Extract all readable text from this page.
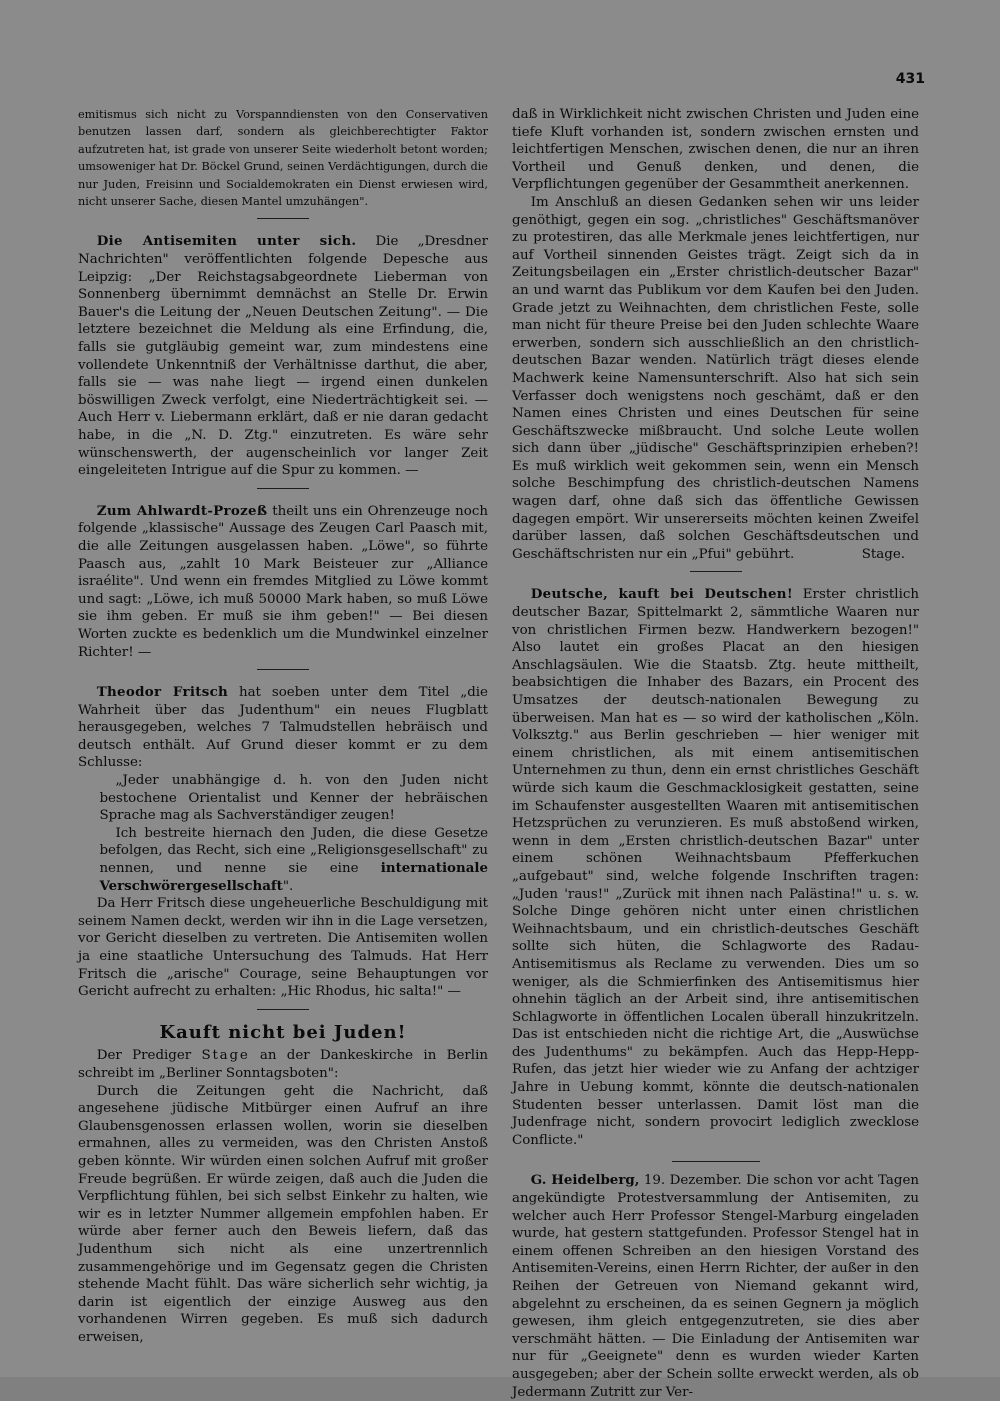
431

emitismus sich nicht zu Vorspanndiensten von den Conservativen benutzen lassen darf, sondern als gleichberechtigter Faktor aufzutreten hat, ist grade von unserer Seite wiederholt betont worden; umsoweniger hat Dr. Böckel Grund, seinen Verdächtigungen, durch die nur Juden, Freisinn und Socialdemokraten ein Dienst erwiesen wird, nicht unserer Sache, diesen Mantel umzuhängen".

Die Antisemiten unter sich. Die „Dresdner Nachrichten" veröffentlichten folgende Depesche aus Leipzig: „Der Reichstagsabgeordnete Lieberman von Sonnenberg übernimmt demnächst an Stelle Dr. Erwin Bauer's die Leitung der „Neuen Deutschen Zeitung". — Die letztere bezeichnet die Meldung als eine Erfindung, die, falls sie gutgläubig gemeint war, zum mindestens eine vollendete Unkenntniß der Verhältnisse darthut, die aber, falls sie — was nahe liegt — irgend einen dunkelen böswilligen Zweck verfolgt, eine Niederträchtigkeit sei. — Auch Herr v. Liebermann erklärt, daß er nie daran gedacht habe, in die „N. D. Ztg." einzutreten. Es wäre sehr wünschenswerth, der augenscheinlich vor langer Zeit eingeleiteten Intrigue auf die Spur zu kommen. —

Zum Ahlwardt-Prozeß theilt uns ein Ohrenzeuge noch folgende „klassische" Aussage des Zeugen Carl Paasch mit, die alle Zeitungen ausgelassen haben. „Löwe", so führte Paasch aus, „zahlt 10 Mark Beisteuer zur „Alliance israélite". Und wenn ein fremdes Mitglied zu Löwe kommt und sagt: „Löwe, ich muß 50000 Mark haben, so muß Löwe sie ihm geben. Er muß sie ihm geben!" — Bei diesen Worten zuckte es bedenklich um die Mundwinkel einzelner Richter! —

Theodor Fritsch hat soeben unter dem Titel „die Wahrheit über das Judenthum" ein neues Flugblatt herausgegeben, welches 7 Talmudstellen hebräisch und deutsch enthält. Auf Grund dieser kommt er zu dem Schlusse:

„Jeder unabhängige d. h. von den Juden nicht bestochene Orientalist und Kenner der hebräischen Sprache mag als Sachverständiger zeugen!

Ich bestreite hiernach den Juden, die diese Gesetze befolgen, das Recht, sich eine „Religionsgesellschaft" zu nennen, und nenne sie eine internationale Verschwörergesellschaft".

Da Herr Fritsch diese ungeheuerliche Beschuldigung mit seinem Namen deckt, werden wir ihn in die Lage versetzen, vor Gericht dieselben zu vertreten. Die Antisemiten wollen ja eine staatliche Untersuchung des Talmuds. Hat Herr Fritsch die „arische" Courage, seine Behauptungen vor Gericht aufrecht zu erhalten: „Hic Rhodus, hic salta!" —

Kauft nicht bei Juden!

Der Prediger Stage an der Dankeskirche in Berlin schreibt im „Berliner Sonntagsboten":

Durch die Zeitungen geht die Nachricht, daß angesehene jüdische Mitbürger einen Aufruf an ihre Glaubensgenossen erlassen wollen, worin sie dieselben ermahnen, alles zu vermeiden, was den Christen Anstoß geben könnte. Wir würden einen solchen Aufruf mit großer Freude begrüßen. Er würde zeigen, daß auch die Juden die Verpflichtung fühlen, bei sich selbst Einkehr zu halten, wie wir es in letzter Nummer allgemein empfohlen haben. Er würde aber ferner auch den Beweis liefern, daß das Judenthum sich nicht als eine unzertrennlich zusammengehörige und im Gegensatz gegen die Christen stehende Macht fühlt. Das wäre sicherlich sehr wichtig, ja darin ist eigentlich der einzige Ausweg aus den vorhandenen Wirren gegeben. Es muß sich dadurch erweisen,

daß in Wirklichkeit nicht zwischen Christen und Juden eine tiefe Kluft vorhanden ist, sondern zwischen ernsten und leichtfertigen Menschen, zwischen denen, die nur an ihren Vortheil und Genuß denken, und denen, die Verpflichtungen gegenüber der Gesammtheit anerkennen.

Im Anschluß an diesen Gedanken sehen wir uns leider genöthigt, gegen ein sog. „christliches" Geschäftsmanöver zu protestiren, das alle Merkmale jenes leichtfertigen, nur auf Vortheil sinnenden Geistes trägt. Zeigt sich da in Zeitungsbeilagen ein „Erster christlich-deutscher Bazar" an und warnt das Publikum vor dem Kaufen bei den Juden. Grade jetzt zu Weihnachten, dem christlichen Feste, solle man nicht für theure Preise bei den Juden schlechte Waare erwerben, sondern sich ausschließlich an den christlich-deutschen Bazar wenden. Natürlich trägt dieses elende Machwerk keine Namensunterschrift. Also hat sich sein Verfasser doch wenigstens noch geschämt, daß er den Namen eines Christen und eines Deutschen für seine Geschäftszwecke mißbraucht. Und solche Leute wollen sich dann über „jüdische" Geschäftsprinzipien erheben?! Es muß wirklich weit gekommen sein, wenn ein Mensch solche Beschimpfung des christlich-deutschen Namens wagen darf, ohne daß sich das öffentliche Gewissen dagegen empört. Wir unsererseits möchten keinen Zweifel darüber lassen, daß solchen Geschäftsdeutschen und Geschäftschristen nur ein „Pfui" gebührt.	Stage.

Deutsche, kauft bei Deutschen! Erster christlich deutscher Bazar, Spittelmarkt 2, sämmtliche Waaren nur von christlichen Firmen bezw. Handwerkern bezogen!" Also lautet ein großes Placat an den hiesigen Anschlagsäulen. Wie die Staatsb. Ztg. heute mittheilt, beabsichtigen die Inhaber des Bazars, ein Procent des Umsatzes der deutsch-nationalen Bewegung zu überweisen. Man hat es — so wird der katholischen „Köln. Volksztg." aus Berlin geschrieben — hier weniger mit einem christlichen, als mit einem antisemitischen Unternehmen zu thun, denn ein ernst christliches Geschäft würde sich kaum die Geschmacklosigkeit gestatten, seine im Schaufenster ausgestellten Waaren mit antisemitischen Hetzsprüchen zu verunzieren. Es muß abstoßend wirken, wenn in dem „Ersten christlich-deutschen Bazar" unter einem schönen Weihnachtsbaum Pfefferkuchen „aufgebaut" sind, welche folgende Inschriften tragen: „Juden 'raus!" „Zurück mit ihnen nach Palästina!" u. s. w. Solche Dinge gehören nicht unter einen christlichen Weihnachtsbaum, und ein christlich-deutsches Geschäft sollte sich hüten, die Schlagworte des Radau-Antisemitismus als Reclame zu verwenden. Dies um so weniger, als die Schmierfinken des Antisemitismus hier ohnehin täglich an der Arbeit sind, ihre antisemitischen Schlagworte in öffentlichen Localen überall hinzukritzeln. Das ist entschieden nicht die richtige Art, die „Auswüchse des Judenthums" zu bekämpfen. Auch das Hepp-Hepp-Rufen, das jetzt hier wieder wie zu Anfang der achtziger Jahre in Uebung kommt, könnte die deutsch-nationalen Studenten besser unterlassen. Damit löst man die Judenfrage nicht, sondern provocirt lediglich zwecklose Conflicte."

G. Heidelberg, 19. Dezember. Die schon vor acht Tagen angekündigte Protestversammlung der Antisemiten, zu welcher auch Herr Professor Stengel-Marburg eingeladen wurde, hat gestern stattgefunden. Professor Stengel hat in einem offenen Schreiben an den hiesigen Vorstand des Antisemiten-Vereins, einen Herrn Richter, der außer in den Reihen der Getreuen von Niemand gekannt wird, abgelehnt zu erscheinen, da es seinen Gegnern ja möglich gewesen, ihm gleich entgegenzutreten, sie dies aber verschmäht hätten. — Die Einladung der Antisemiten war nur für „Geeignete" denn es wurden wieder Karten ausgegeben; aber der Schein sollte erweckt werden, als ob Jedermann Zutritt zur Ver-
